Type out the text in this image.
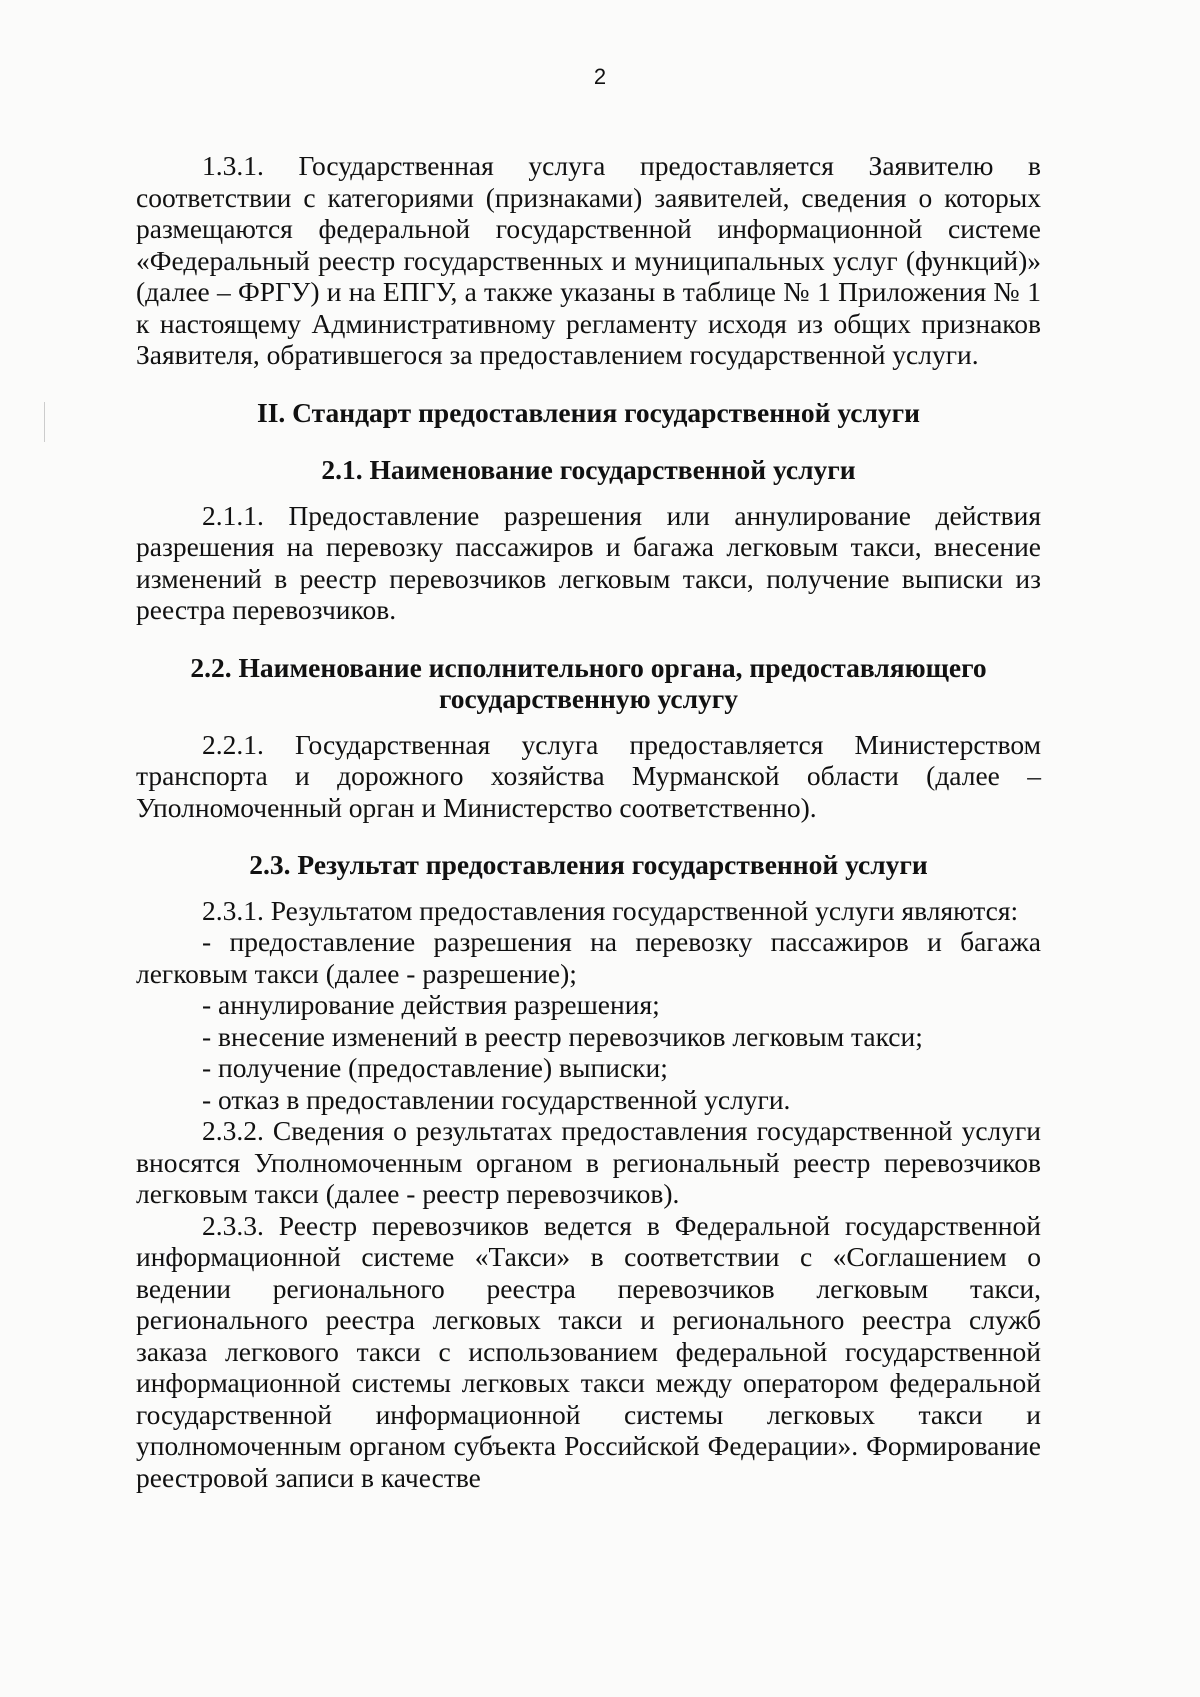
2

1.3.1. Государственная услуга предоставляется Заявителю в соответствии с категориями (признаками) заявителей, сведения о которых размещаются федеральной государственной информационной системе «Федеральный реестр государственных и муниципальных услуг (функций)» (далее – ФРГУ) и на ЕПГУ, а также указаны в таблице № 1 Приложения № 1 к настоящему Административному регламенту исходя из общих признаков Заявителя, обратившегося за предоставлением государственной услуги.

II. Стандарт предоставления государственной услуги
2.1. Наименование государственной услуги

2.1.1. Предоставление разрешения или аннулирование действия разрешения на перевозку пассажиров и багажа легковым такси, внесение изменений в реестр перевозчиков легковым такси, получение выписки из реестра перевозчиков.

2.2. Наименование исполнительного органа, предоставляющего государственную услугу

2.2.1. Государственная услуга предоставляется Министерством транспорта и дорожного хозяйства Мурманской области (далее – Уполномоченный орган и Министерство соответственно).

2.3. Результат предоставления государственной услуги

2.3.1. Результатом предоставления государственной услуги являются:

- предоставление разрешения на перевозку пассажиров и багажа легковым такси (далее - разрешение);

- аннулирование действия разрешения;

- внесение изменений в реестр перевозчиков легковым такси;

- получение (предоставление) выписки;

- отказ в предоставлении государственной услуги.

2.3.2. Сведения о результатах предоставления государственной услуги вносятся Уполномоченным органом в региональный реестр перевозчиков легковым такси (далее - реестр перевозчиков).

2.3.3. Реестр перевозчиков ведется в Федеральной государственной информационной системе «Такси» в соответствии с «Соглашением о ведении регионального реестра перевозчиков легковым такси, регионального реестра легковых такси и регионального реестра служб заказа легкового такси с использованием федеральной государственной информационной системы легковых такси между оператором федеральной государственной информационной системы легковых такси и уполномоченным органом субъекта Российской Федерации». Формирование реестровой записи в качестве
